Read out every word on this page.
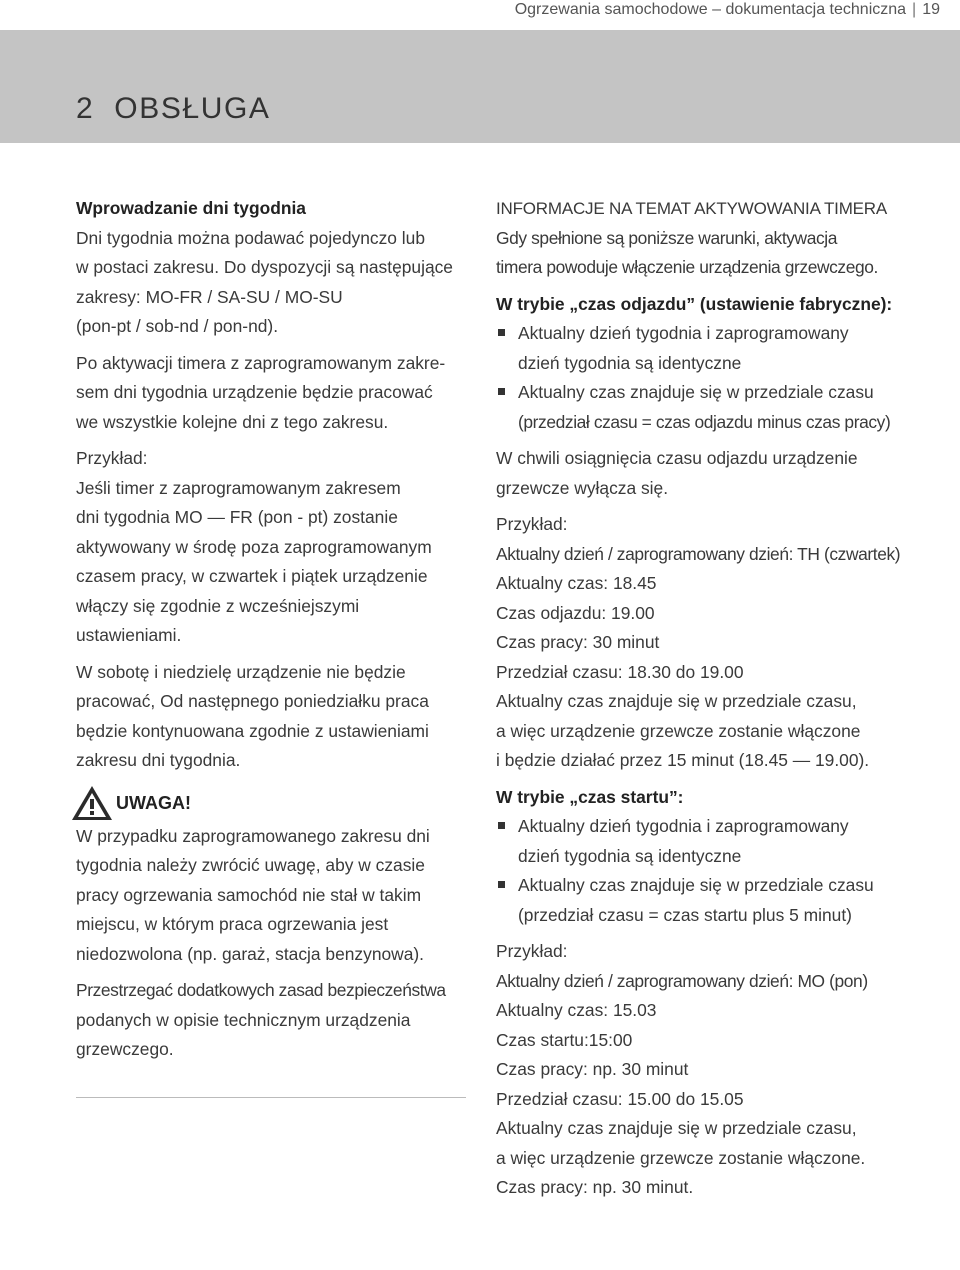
Ogrzewania samochodowe – dokumentacja techniczna | 19
2 OBSŁUGA

Wprowadzanie dni tygodnia

Dni tygodnia można podawać pojedynczo lub
w postaci zakresu. Do dyspozycji są następujące
zakresy: MO-FR / SA-SU / MO-SU
(pon-pt / sob-nd / pon-nd).

Po aktywacji timera z zaprogramowanym zakre-
sem dni tygodnia urządzenie będzie pracować
we wszystkie kolejne dni z tego zakresu.

Przykład:

Jeśli timer z zaprogramowanym zakresem
dni tygodnia MO — FR (pon - pt) zostanie
aktywowany w środę poza zaprogramowanym
czasem pracy, w czwartek i piątek urządzenie
włączy się zgodnie z wcześniejszymi
ustawieniami.

W sobotę i niedzielę urządzenie nie będzie
pracować, Od następnego poniedziałku praca
będzie kontynuowana zgodnie z ustawieniami
zakresu dni tygodnia.

UWAGA!

W przypadku zaprogramowanego zakresu dni
tygodnia należy zwrócić uwagę, aby w czasie
pracy ogrzewania samochód nie stał w takim
miejscu, w którym praca ogrzewania jest
niedozwolona (np. garaż, stacja benzynowa).

Przestrzegać dodatkowych zasad bezpieczeństwa
podanych w opisie technicznym urządzenia
grzewczego.

INFORMACJE NA TEMAT AKTYWOWANIA TIMERA

Gdy spełnione są poniższe warunki, aktywacja
timera powoduje włączenie urządzenia grzewczego.

W trybie „czas odjazdu” (ustawienie fabryczne):

Aktualny dzień tygodnia i zaprogramowany
dzień tygodnia są identyczne
Aktualny czas znajduje się w przedziale czasu
(przedział czasu = czas odjazdu minus czas pracy)

W chwili osiągnięcia czasu odjazdu urządzenie
grzewcze wyłącza się.

Przykład:

Aktualny dzień / zaprogramowany dzień: TH (czwartek)
Aktualny czas: 18.45
Czas odjazdu: 19.00
Czas pracy: 30 minut
Przedział czasu: 18.30 do 19.00
Aktualny czas znajduje się w przedziale czasu,
a więc urządzenie grzewcze zostanie włączone
i będzie działać przez 15 minut (18.45 — 19.00).

W trybie „czas startu”:

Aktualny dzień tygodnia i zaprogramowany
dzień tygodnia są identyczne
Aktualny czas znajduje się w przedziale czasu
(przedział czasu = czas startu plus 5 minut)

Przykład:

Aktualny dzień / zaprogramowany dzień: MO (pon)
Aktualny czas: 15.03
Czas startu:15:00
Czas pracy: np. 30 minut
Przedział czasu: 15.00 do 15.05
Aktualny czas znajduje się w przedziale czasu,
a więc urządzenie grzewcze zostanie włączone.
Czas pracy: np. 30 minut.
